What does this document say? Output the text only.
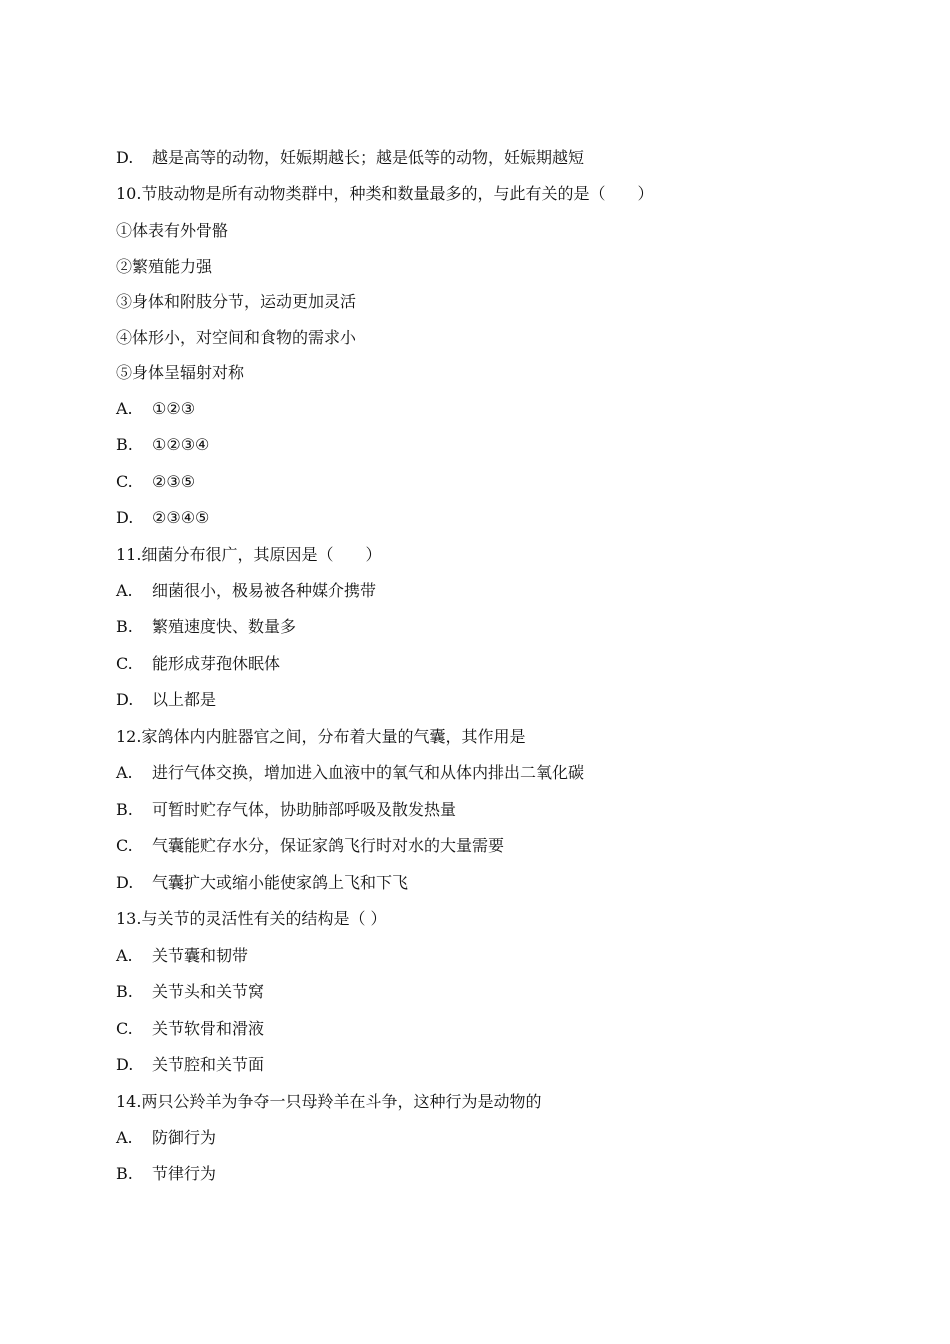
D. 越是高等的动物，妊娠期越长；越是低等的动物，妊娠期越短
10.节肢动物是所有动物类群中，种类和数量最多的，与此有关的是（　　）
①体表有外骨骼
②繁殖能力强
③身体和附肢分节，运动更加灵活
④体形小，对空间和食物的需求小
⑤身体呈辐射对称
A. ①②③
B. ①②③④
C. ②③⑤
D. ②③④⑤
11.细菌分布很广，其原因是（　　）
A. 细菌很小，极易被各种媒介携带
B. 繁殖速度快、数量多
C. 能形成芽孢休眠体
D. 以上都是
12.家鸽体内内脏器官之间，分布着大量的气囊，其作用是
A. 进行气体交换，增加进入血液中的氧气和从体内排出二氧化碳
B. 可暂时贮存气体，协助肺部呼吸及散发热量
C. 气囊能贮存水分，保证家鸽飞行时对水的大量需要
D. 气囊扩大或缩小能使家鸽上飞和下飞
13.与关节的灵活性有关的结构是（ ）
A. 关节囊和韧带
B. 关节头和关节窝
C. 关节软骨和滑液
D. 关节腔和关节面
14.两只公羚羊为争夺一只母羚羊在斗争，这种行为是动物的
A. 防御行为
B. 节律行为
